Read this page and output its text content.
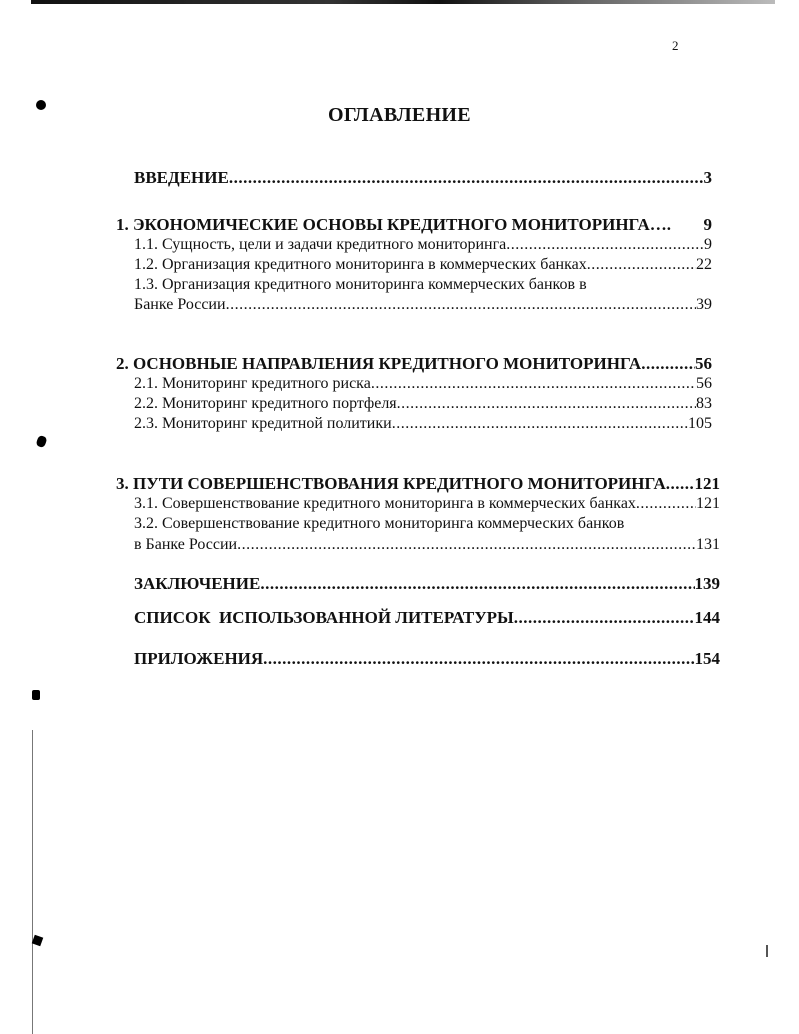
2
ОГЛАВЛЕНИЕ
ВВЕДЕНИЕ .....	3
1. ЭКОНОМИЧЕСКИЕ ОСНОВЫ КРЕДИТНОГО МОНИТОРИНГА…. 9
1.1. Сущность, цели и задачи кредитного мониторинга .....	9
1.2. Организация кредитного мониторинга в коммерческих банках .....	22
1.3. Организация кредитного мониторинга коммерческих банков в
Банке России .....	39
2. ОСНОВНЫЕ НАПРАВЛЕНИЯ КРЕДИТНОГО МОНИТОРИНГА .....	56
2.1. Мониторинг кредитного риска .....	56
2.2. Мониторинг кредитного портфеля .....	83
2.3. Мониторинг кредитной политики .....	105
3. ПУТИ СОВЕРШЕНСТВОВАНИЯ КРЕДИТНОГО МОНИТОРИНГА ..... 121
3.1. Совершенствование кредитного мониторинга в коммерческих банках .....	121
3.2. Совершенствование кредитного мониторинга коммерческих банков
в Банке России .....	131
ЗАКЛЮЧЕНИЕ .....	139
СПИСОК  ИСПОЛЬЗОВАННОЙ ЛИТЕРАТУРЫ .....	144
ПРИЛОЖЕНИЯ .....	154
